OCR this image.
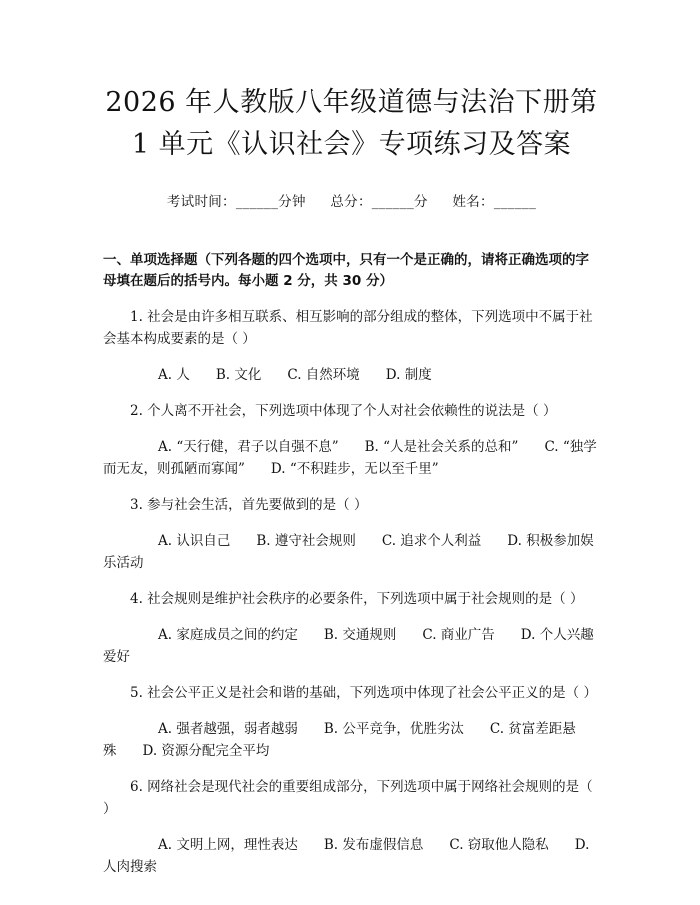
2026 年人教版八年级道德与法治下册第 1 单元《认识社会》专项练习及答案
考试时间：______分钟 总分：______分 姓名：______
一、单项选择题（下列各题的四个选项中，只有一个是正确的，请将正确选项的字母填在题后的括号内。每小题 2 分，共 30 分）
1. 社会是由许多相互联系、相互影响的部分组成的整体，下列选项中不属于社会基本构成要素的是（ ）
A. 人 B. 文化 C. 自然环境 D. 制度
2. 个人离不开社会，下列选项中体现了个人对社会依赖性的说法是（ ）
A. “天行健，君子以自强不息” B. “人是社会关系的总和” C. “独学而无友，则孤陋而寡闻” D. “不积跬步，无以至千里”
3. 参与社会生活，首先要做到的是（ ）
A. 认识自己 B. 遵守社会规则 C. 追求个人利益 D. 积极参加娱乐活动
4. 社会规则是维护社会秩序的必要条件，下列选项中属于社会规则的是（ ）
A. 家庭成员之间的约定 B. 交通规则 C. 商业广告 D. 个人兴趣爱好
5. 社会公平正义是社会和谐的基础，下列选项中体现了社会公平正义的是（ ）
A. 强者越强，弱者越弱 B. 公平竞争，优胜劣汰 C. 贫富差距悬殊 D. 资源分配完全平均
6. 网络社会是现代社会的重要组成部分，下列选项中属于网络社会规则的是（ ）
A. 文明上网，理性表达 B. 发布虚假信息 C. 窃取他人隐私 D. 人肉搜索
